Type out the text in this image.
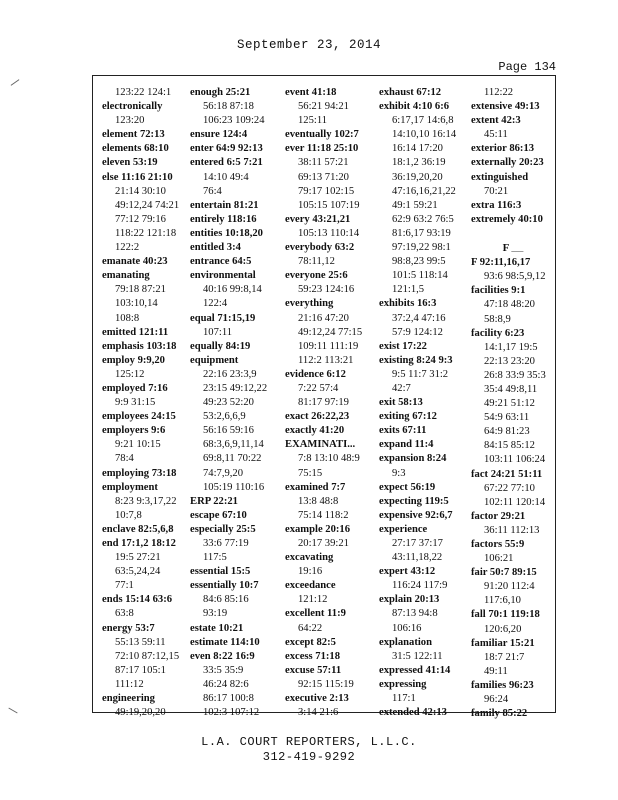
September 23, 2014
Page 134
123:22 124:1
electronically
123:20
element 72:13
elements 68:10
eleven 53:19
else 11:16 21:10
21:14 30:10
49:12,24 74:21
77:12 79:16
118:22 121:18
122:2
emanate 40:23
emanating
79:18 87:21
103:10,14
108:8
emitted 121:11
emphasis 103:18
employ 9:9,20
125:12
employed 7:16
9:9 31:15
employees 24:15
employers 9:6
9:21 10:15
78:4
employing 73:18
employment
8:23 9:3,17,22
10:7,8
enclave 82:5,6,8
end 17:1,2 18:12
19:5 27:21
63:5,24,24
77:1
ends 15:14 63:6
63:8
energy 53:7
55:13 59:11
72:10 87:12,15
87:17 105:1
111:12
engineering
49:19,20,20
enough 25:21
56:18 87:18
106:23 109:24
ensure 124:4
enter 64:9 92:13
entered 6:5 7:21
14:10 49:4
76:4
entertain 81:21
entirely 118:16
entities 10:18,20
entitled 3:4
entrance 64:5
environmental
40:16 99:8,14
122:4
equal 71:15,19
107:11
equally 84:19
equipment
22:16 23:3,9
23:15 49:12,22
49:23 52:20
53:2,6,6,9
56:16 59:16
68:3,6,9,11,14
69:8,11 70:22
74:7,9,20
105:19 110:16
ERP 22:21
escape 67:10
especially 25:5
33:6 77:19
117:5
essential 15:5
essentially 10:7
84:6 85:16
93:19
estate 10:21
estimate 114:10
even 8:22 16:9
33:5 35:9
46:24 82:6
86:17 100:8
102:3 107:12
event 41:18
56:21 94:21
125:11
eventually 102:7
ever 11:18 25:10
38:11 57:21
69:13 71:20
79:17 102:15
105:15 107:19
every 43:21,21
105:13 110:14
everybody 63:2
78:11,12
everyone 25:6
59:23 124:16
everything
21:16 47:20
49:12,24 77:15
109:11 111:19
112:2 113:21
evidence 6:12
7:22 57:4
81:17 97:19
exact 26:22,23
exactly 41:20
EXAMINATI...
7:8 13:10 48:9
75:15
examined 7:7
13:8 48:8
75:14 118:2
example 20:16
20:17 39:21
excavating
19:16
exceedance
121:12
excellent 11:9
64:22
except 82:5
excess 71:18
excuse 57:11
92:15 115:19
executive 2:13
3:14 21:6
exhaust 67:12
exhibit 4:10 6:6
6:17,17 14:6,8
14:10,10 16:14
16:14 17:20
18:1,2 36:19
36:19,20,20
47:16,16,21,22
49:1 59:21
62:9 63:2 76:5
81:6,17 93:19
97:19,22 98:1
98:8,23 99:5
101:5 118:14
121:1,5
exhibits 16:3
37:2,4 47:16
57:9 124:12
exist 17:22
existing 8:24 9:3
9:5 11:7 31:2
42:7
exit 58:13
exiting 67:12
exits 67:11
expand 11:4
expansion 8:24
9:3
expect 56:19
expecting 119:5
expensive 92:6,7
experience
27:17 37:17
43:11,18,22
expert 43:12
116:24 117:9
explain 20:13
87:13 94:8
106:16
explanation
31:5 122:11
expressed 41:14
expressing
117:1
extended 42:13
112:22
extensive 49:13
extent 42:3
45:11
exterior 86:13
externally 20:23
extinguished
70:21
extra 116:3
extremely 40:10

F ___
F 92:11,16,17
93:6 98:5,9,12
facilities 9:1
47:18 48:20
58:8,9
facility 6:23
14:1,17 19:5
22:13 23:20
26:8 33:9 35:3
35:4 49:8,11
49:21 51:12
54:9 63:11
64:9 81:23
84:15 85:12
103:11 106:24
fact 24:21 51:11
67:22 77:10
102:11 120:14
factor 29:21
36:11 112:13
factors 55:9
106:21
fair 50:7 89:15
91:20 112:4
117:6,10
fall 70:1 119:18
120:6,20
familiar 15:21
18:7 21:7
49:11
families 96:23
96:24
family 85:22
L.A. COURT REPORTERS, L.L.C.
312-419-9292
